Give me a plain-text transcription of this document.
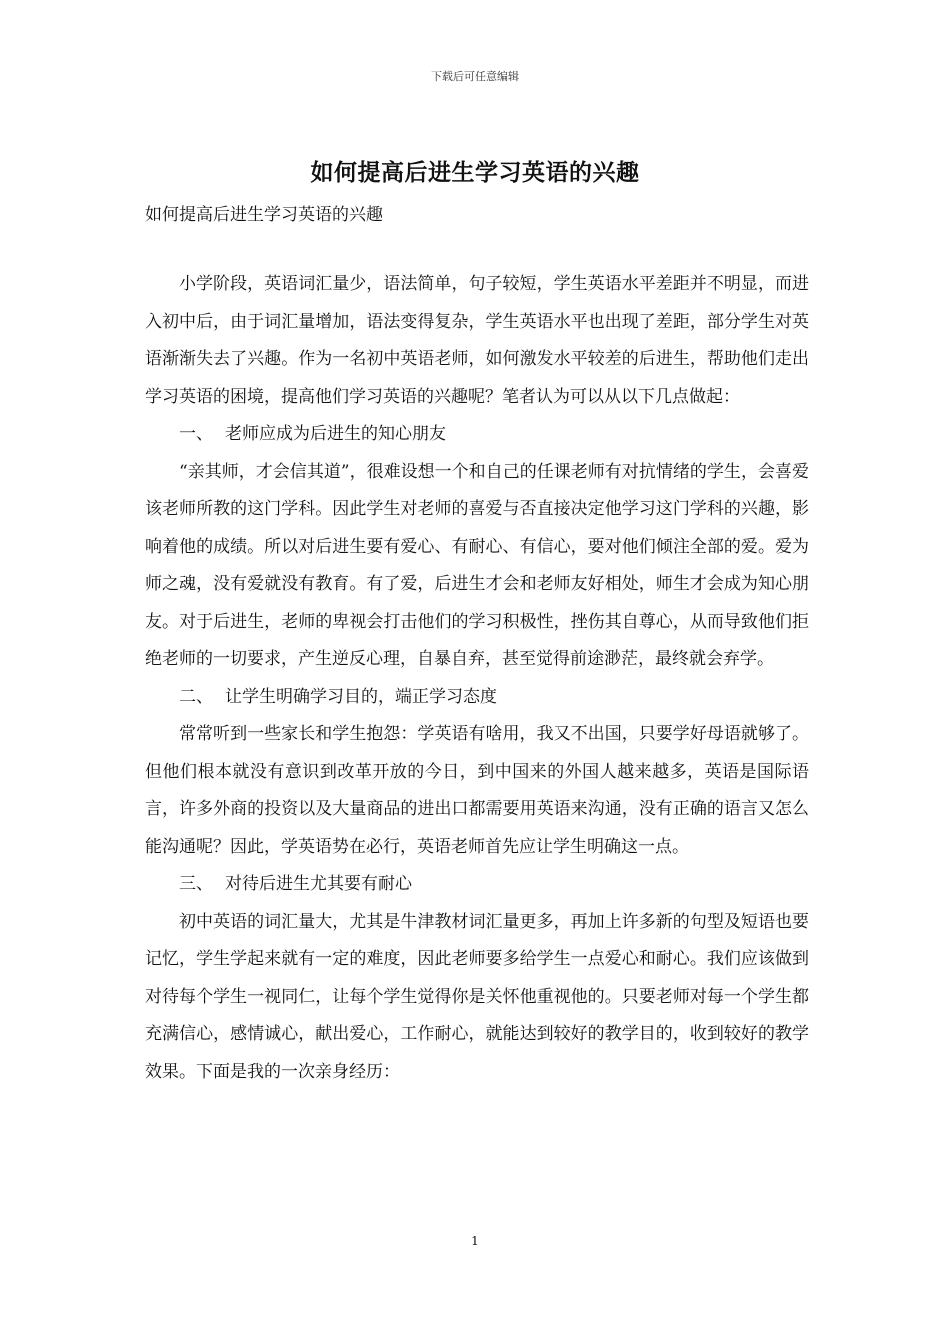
下载后可任意编辑
如何提高后进生学习英语的兴趣

如何提高后进生学习英语的兴趣

小学阶段，英语词汇量少，语法简单，句子较短，学生英语水平差距并不明显，而进入初中后，由于词汇量增加，语法变得复杂，学生英语水平也出现了差距，部分学生对英语渐渐失去了兴趣。作为一名初中英语老师，如何激发水平较差的后进生，帮助他们走出学习英语的困境，提高他们学习英语的兴趣呢？笔者认为可以从以下几点做起：

一、 老师应成为后进生的知心朋友

“亲其师，才会信其道”，很难设想一个和自己的任课老师有对抗情绪的学生，会喜爱该老师所教的这门学科。因此学生对老师的喜爱与否直接决定他学习这门学科的兴趣，影响着他的成绩。所以对后进生要有爱心、有耐心、有信心，要对他们倾注全部的爱。爱为师之魂，没有爱就没有教育。有了爱，后进生才会和老师友好相处，师生才会成为知心朋友。对于后进生，老师的卑视会打击他们的学习积极性，挫伤其自尊心，从而导致他们拒绝老师的一切要求，产生逆反心理，自暴自弃，甚至觉得前途渺茫，最终就会弃学。

二、 让学生明确学习目的，端正学习态度

常常听到一些家长和学生抱怨：学英语有啥用，我又不出国，只要学好母语就够了。但他们根本就没有意识到改革开放的今日，到中国来的外国人越来越多，英语是国际语言，许多外商的投资以及大量商品的进出口都需要用英语来沟通，没有正确的语言又怎么能沟通呢？因此，学英语势在必行，英语老师首先应让学生明确这一点。

三、 对待后进生尤其要有耐心

初中英语的词汇量大，尤其是牛津教材词汇量更多，再加上许多新的句型及短语也要记忆，学生学起来就有一定的难度，因此老师要多给学生一点爱心和耐心。我们应该做到对待每个学生一视同仁，让每个学生觉得你是关怀他重视他的。只要老师对每一个学生都充满信心，感情诚心，献出爱心，工作耐心，就能达到较好的教学目的，收到较好的教学效果。下面是我的一次亲身经历：

1
